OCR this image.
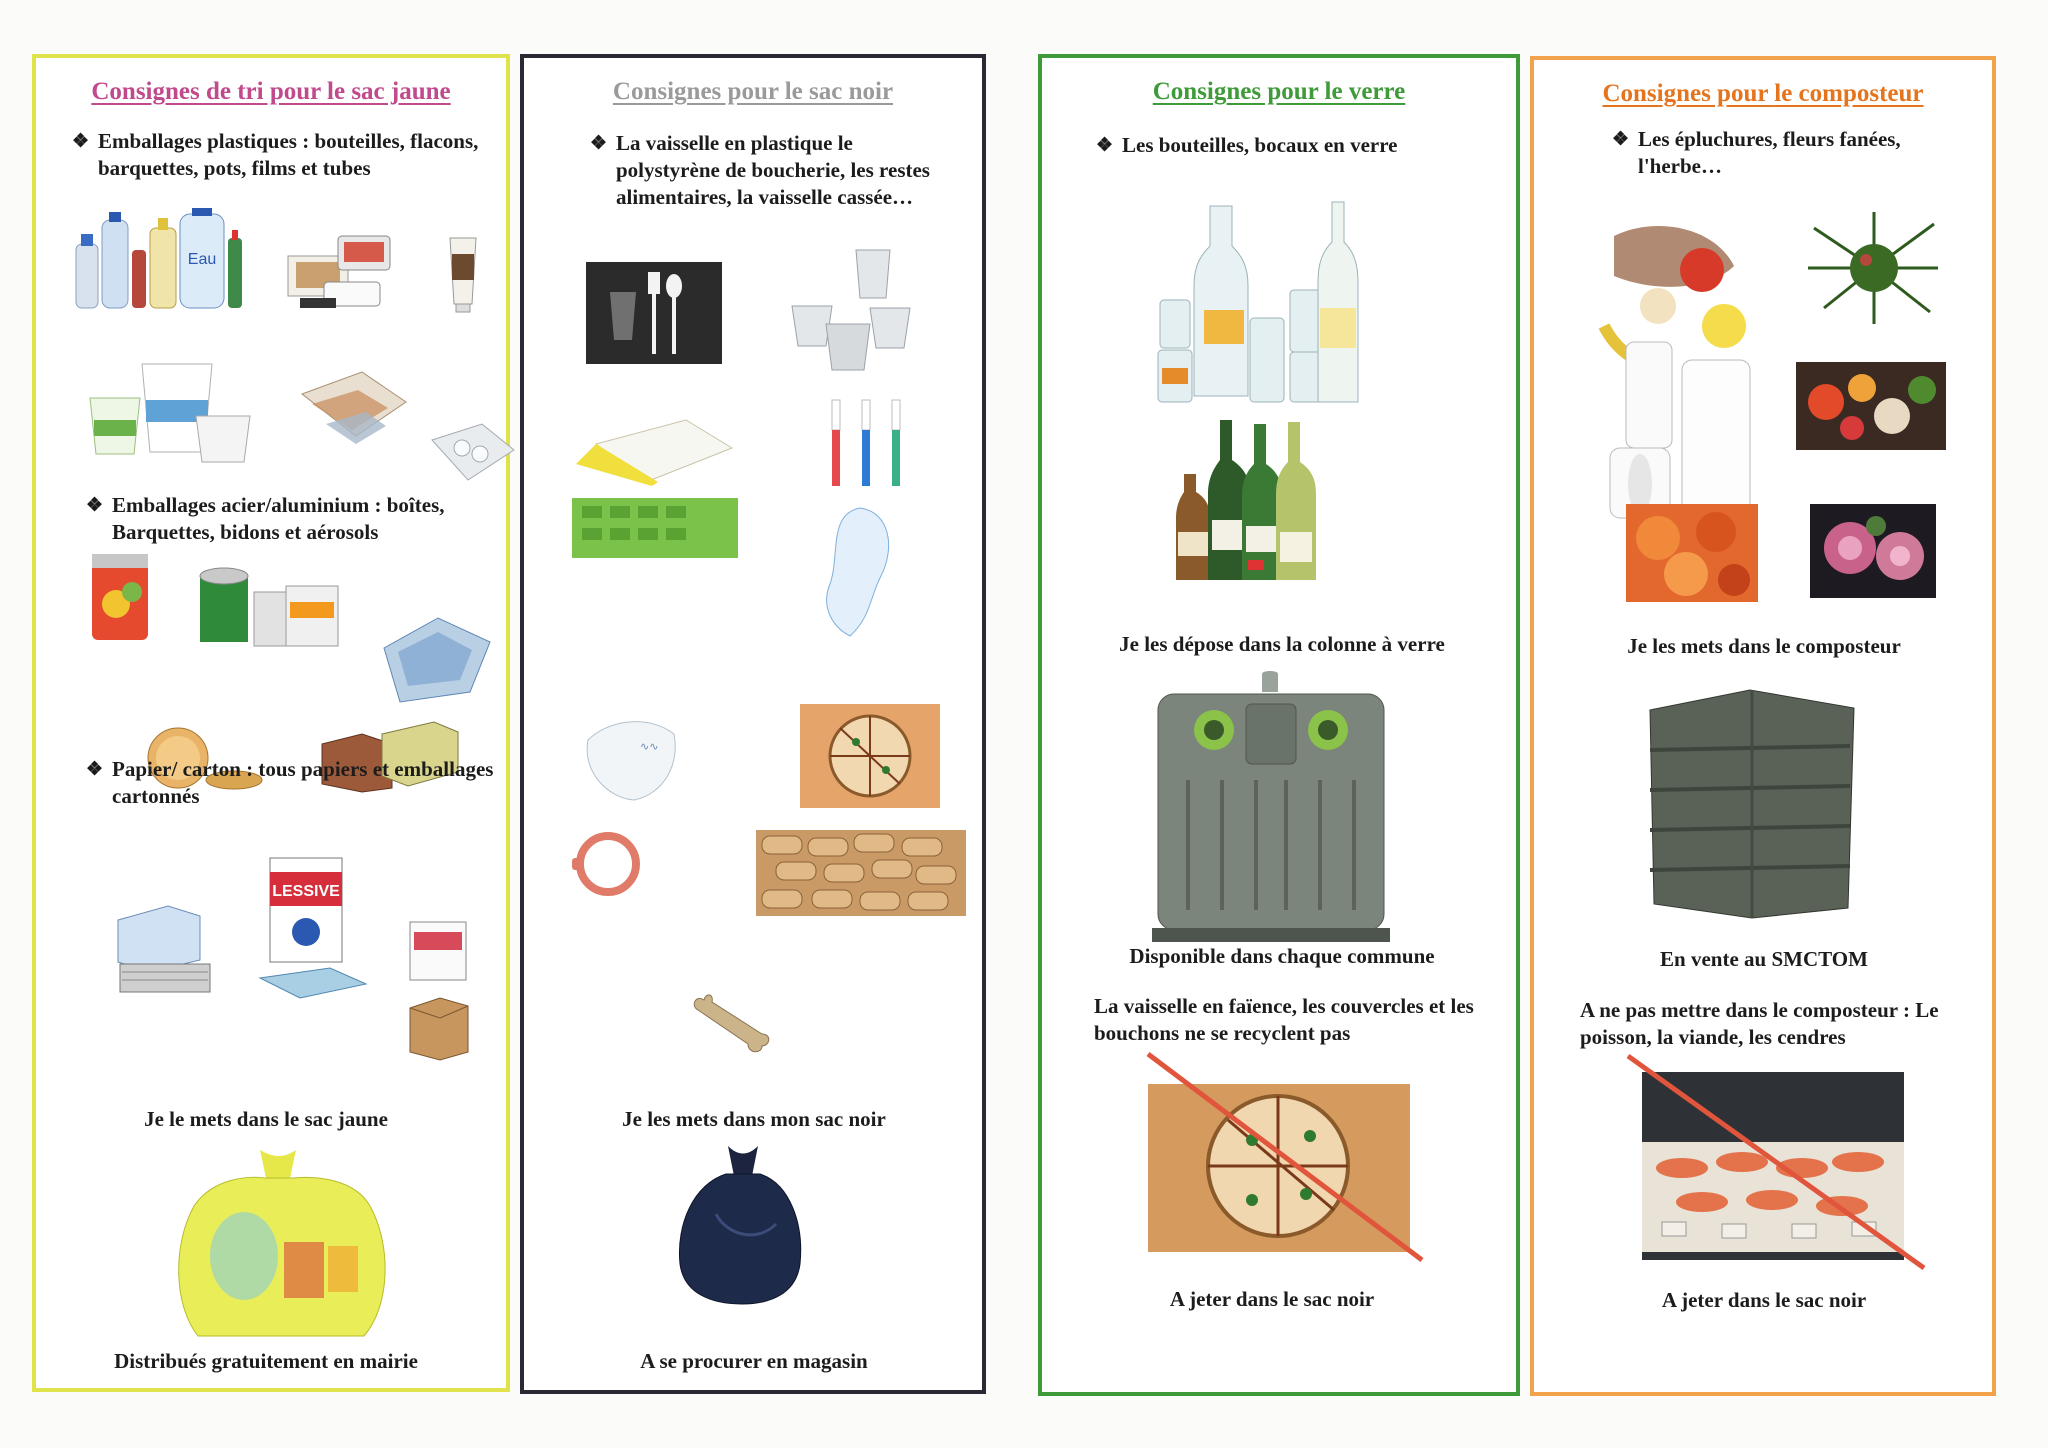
Consignes de tri pour le sac jaune
❖ Emballages plastiques : bouteilles, flacons, barquettes, pots, films et tubes
Eau
❖ Emballages acier/aluminium : boîtes, Barquettes, bidons et aérosols
❖ Papier/ carton : tous papiers et emballages cartonnés
LESSIVE
Je le mets dans le sac jaune
Distribués gratuitement en mairie
Consignes pour le sac noir
❖ La vaisselle en plastique le polystyrène de boucherie, les restes alimentaires, la vaisselle cassée…
∿∿
Je les mets dans mon sac noir
A se procurer en magasin
Consignes pour le verre
❖ Les bouteilles, bocaux en verre
Je les dépose dans la colonne à verre
Disponible dans chaque commune
La vaisselle en faïence, les couvercles et les bouchons ne se recyclent pas
A jeter dans le sac noir
Consignes pour le composteur
❖ Les épluchures, fleurs fanées, l'herbe…
Je les mets dans le composteur
En vente au SMCTOM
A ne pas mettre dans le composteur : Le poisson, la viande, les cendres
A jeter dans le sac noir
